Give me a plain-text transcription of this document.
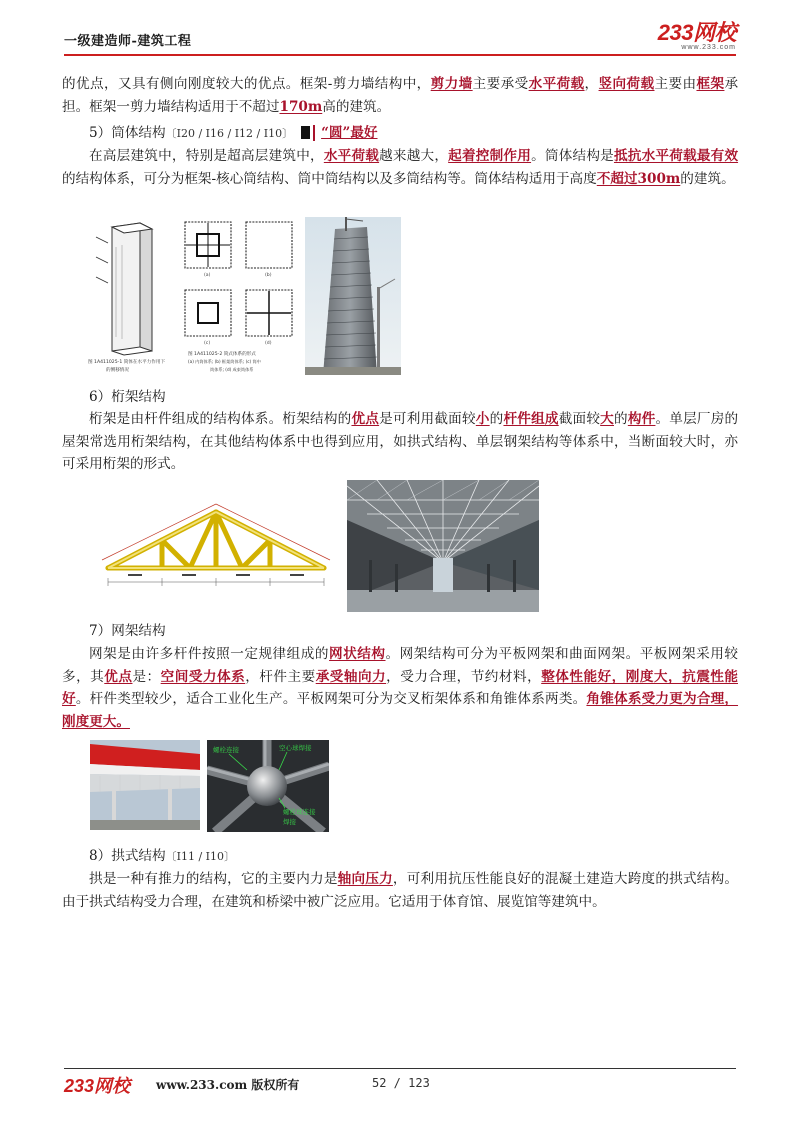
一级建造师-建筑工程	233网校
www.233.com
的优点，又具有侧向刚度较大的优点。框架-剪力墙结构中，剪力墙主要承受水平荷载，竖向荷载主要由框架承担。框架一剪力墙结构适用于不超过170m高的建筑。
5）筒体结构〔Ⅰ20 / Ⅰ16 / Ⅰ12 / Ⅰ10〕 “圆”最好
在高层建筑中，特别是超高层建筑中，水平荷载越来越大，起着控制作用。筒体结构是抵抗水平荷载最有效的结构体系，可分为框架-核心筒结构、筒中筒结构以及多筒结构等。筒体结构适用于高度不超过300m的建筑。
图 1A411025-1 筒体在水平力作用下
的侧移情况
(a)	(b)
(c)	(d)
图 1A411025-2 筒式体系的形式
(a) 内筒体系; (b) 框架筒体系; (c) 筒中
筒体系; (d) 成束筒体系
6）桁架结构
桁架是由杆件组成的结构体系。桁架结构的优点是可利用截面较小的杆件组成截面较大的构件。单层厂房的屋架常选用桁架结构，在其他结构体系中也得到应用，如拱式结构、单层钢架结构等体系中，当断面较大时，亦可采用桁架的形式。
7）网架结构
网架是由许多杆件按照一定规律组成的网状结构。网架结构可分为平板网架和曲面网架。平板网架采用较多，其优点是：空间受力体系，杆件主要承受轴向力，受力合理，节约材料，整体性能好，刚度大，抗震性能好。杆件类型较少，适合工业化生产。平板网架可分为交叉桁架体系和角锥体系两类。角锥体系受力更为合理，刚度更大。
螺栓连接	空心球焊接
螺栓球连接
焊接
8）拱式结构〔Ⅰ11 / Ⅰ10〕
拱是一种有推力的结构，它的主要内力是轴向压力，可利用抗压性能良好的混凝土建造大跨度的拱式结构。由于拱式结构受力合理，在建筑和桥梁中被广泛应用。它适用于体育馆、展览馆等建筑中。
233网校 www.233.com 版权所有	52 / 123
